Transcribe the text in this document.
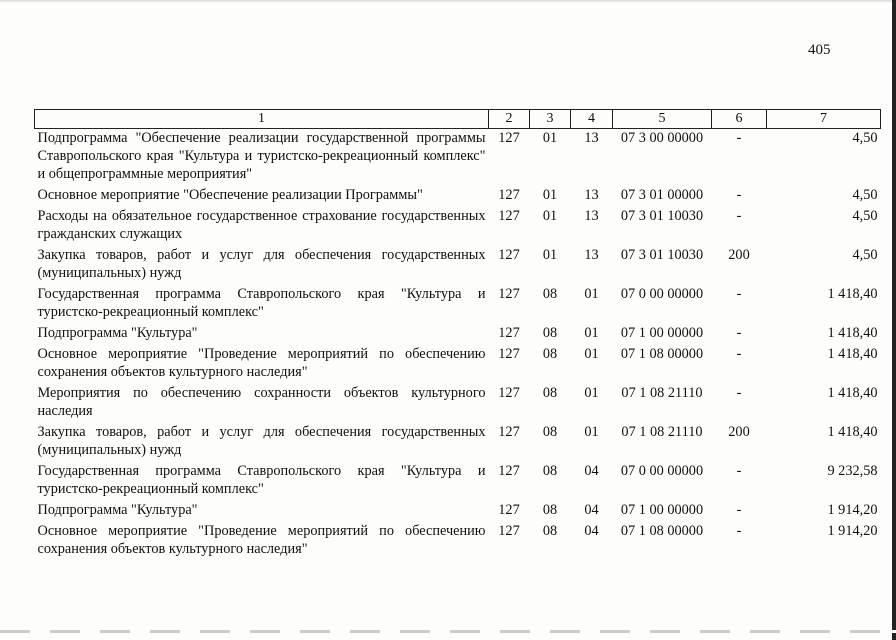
405
1	2	3	4	5	6	7
Подпрограмма "Обеспечение реализации государственной программы Ставропольского края "Культура и туристско-рекреационный комплекс" и общепрограммные мероприятия"	127	01	13	07 3 00 00000	-	4,50
Основное мероприятие "Обеспечение реализации Программы"	127	01	13	07 3 01 00000	-	4,50
Расходы на обязательное государственное страхование государственных гражданских служащих	127	01	13	07 3 01 10030	-	4,50
Закупка товаров, работ и услуг для обеспечения государственных (муниципальных) нужд	127	01	13	07 3 01 10030	200	4,50
Государственная программа Ставропольского края "Культура и туристско-рекреационный комплекс"	127	08	01	07 0 00 00000	-	1 418,40
Подпрограмма "Культура"	127	08	01	07 1 00 00000	-	1 418,40
Основное мероприятие "Проведение мероприятий по обеспечению сохранения объектов культурного наследия"	127	08	01	07 1 08 00000	-	1 418,40
Мероприятия по обеспечению сохранности объектов культурного наследия	127	08	01	07 1 08 21110	-	1 418,40
Закупка товаров, работ и услуг для обеспечения государственных (муниципальных) нужд	127	08	01	07 1 08 21110	200	1 418,40
Государственная программа Ставропольского края "Культура и туристско-рекреационный комплекс"	127	08	04	07 0 00 00000	-	9 232,58
Подпрограмма "Культура"	127	08	04	07 1 00 00000	-	1 914,20
Основное мероприятие "Проведение мероприятий по обеспечению сохранения объектов культурного наследия"	127	08	04	07 1 08 00000	-	1 914,20
